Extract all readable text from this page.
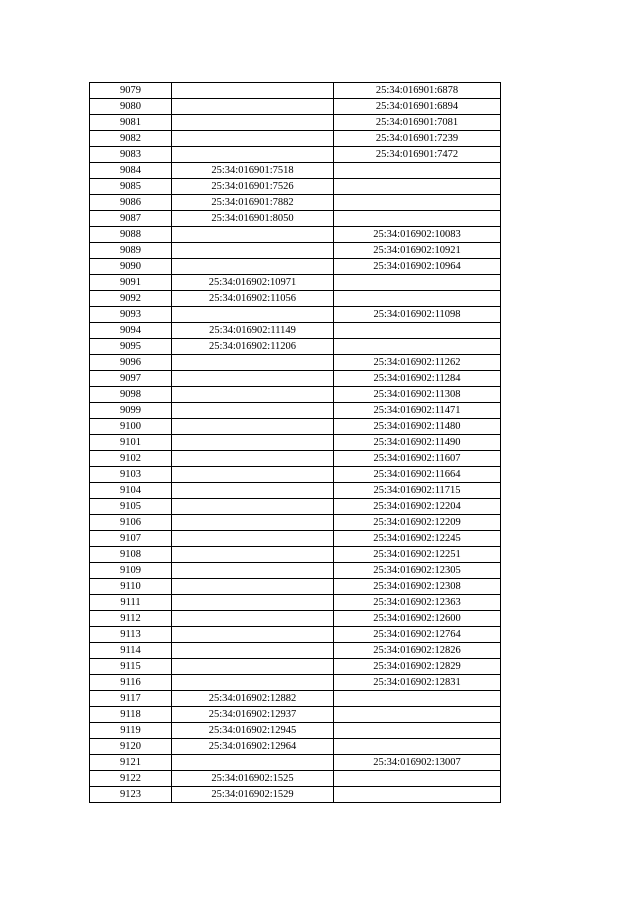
9079		25:34:016901:6878
9080		25:34:016901:6894
9081		25:34:016901:7081
9082		25:34:016901:7239
9083		25:34:016901:7472
9084	25:34:016901:7518	
9085	25:34:016901:7526	
9086	25:34:016901:7882	
9087	25:34:016901:8050	
9088		25:34:016902:10083
9089		25:34:016902:10921
9090		25:34:016902:10964
9091	25:34:016902:10971	
9092	25:34:016902:11056	
9093		25:34:016902:11098
9094	25:34:016902:11149	
9095	25:34:016902:11206	
9096		25:34:016902:11262
9097		25:34:016902:11284
9098		25:34:016902:11308
9099		25:34:016902:11471
9100		25:34:016902:11480
9101		25:34:016902:11490
9102		25:34:016902:11607
9103		25:34:016902:11664
9104		25:34:016902:11715
9105		25:34:016902:12204
9106		25:34:016902:12209
9107		25:34:016902:12245
9108		25:34:016902:12251
9109		25:34:016902:12305
9110		25:34:016902:12308
9111		25:34:016902:12363
9112		25:34:016902:12600
9113		25:34:016902:12764
9114		25:34:016902:12826
9115		25:34:016902:12829
9116		25:34:016902:12831
9117	25:34:016902:12882	
9118	25:34:016902:12937	
9119	25:34:016902:12945	
9120	25:34:016902:12964	
9121		25:34:016902:13007
9122	25:34:016902:1525	
9123	25:34:016902:1529	
